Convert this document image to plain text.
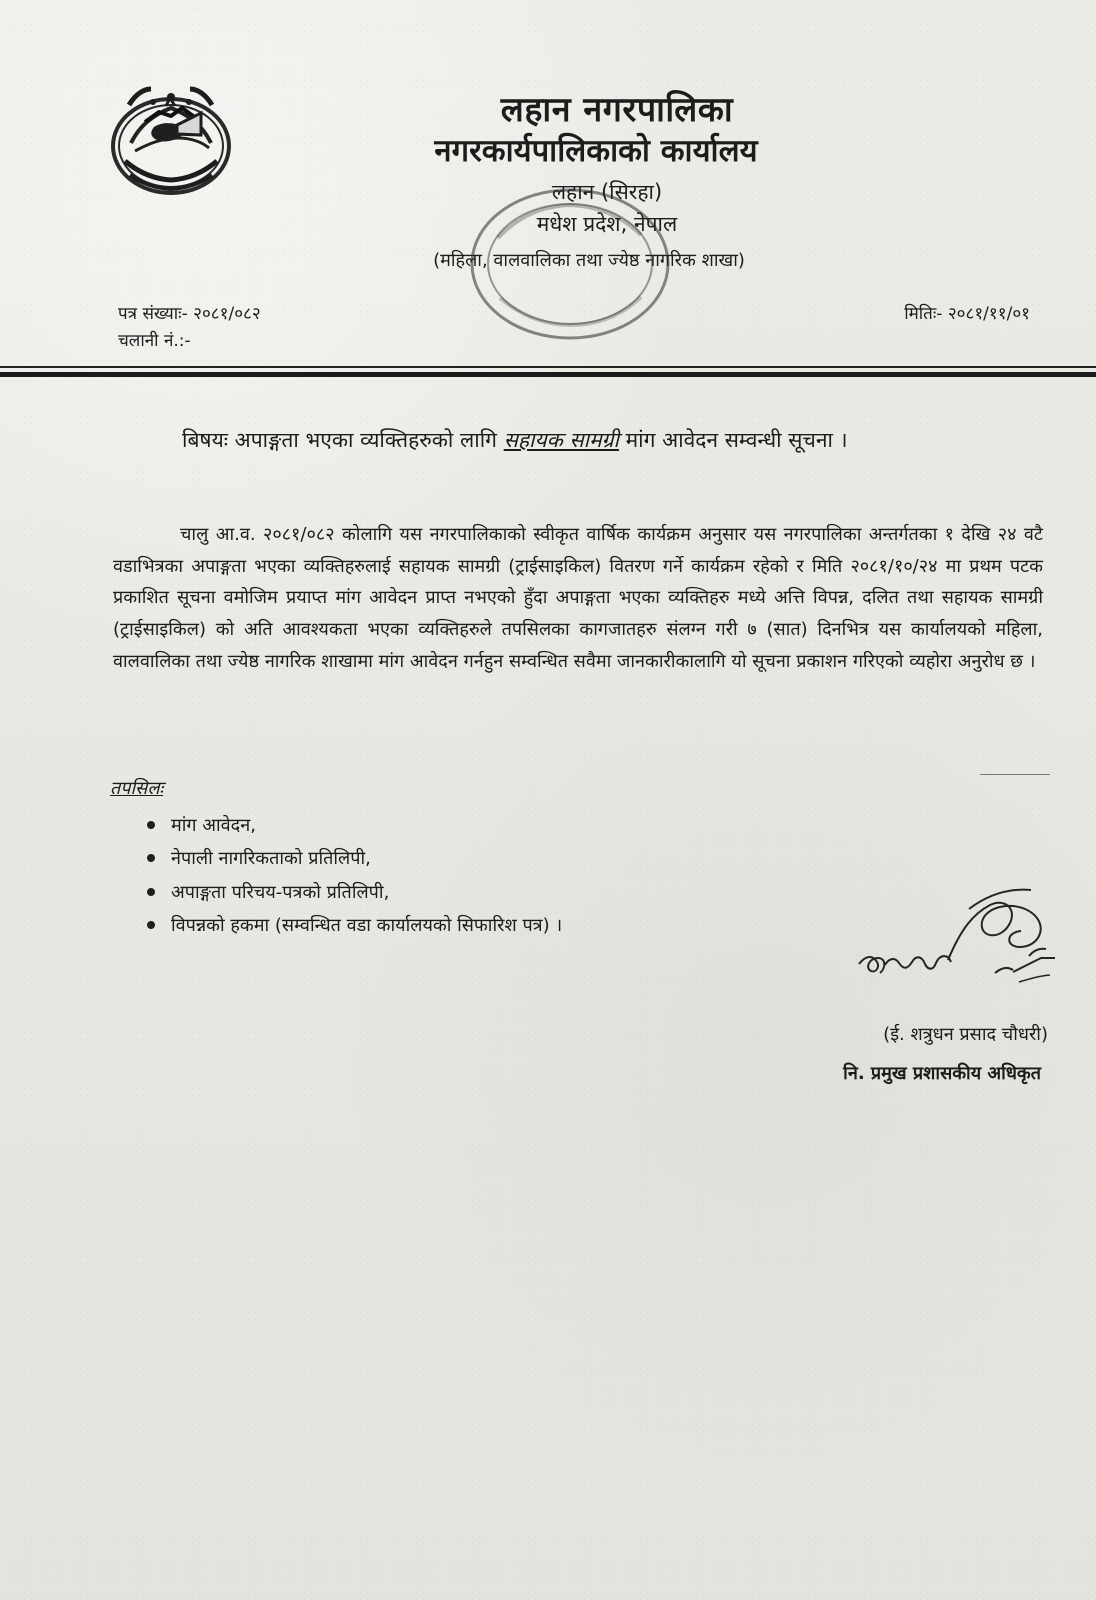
लहान नगरपालिका
नगरकार्यपालिकाको कार्यालय
लहान (सिरहा)
मधेश प्रदेश, नेपाल
(महिला, वालवालिका तथा ज्येष्ठ नागरिक शाखा)
पत्र संख्याः- २०८१/०८२
चलानी नं.:-
मितिः- २०८१/११/०१
बिषयः अपाङ्गता भएका व्यक्तिहरुको लागि सहायक सामग्री मांग आवेदन सम्वन्धी सूचना ।

चालु आ.व. २०८१/०८२ कोलागि यस नगरपालिकाको स्वीकृत वार्षिक कार्यक्रम अनुसार यस नगरपालिका अन्तर्गतका १ देखि २४ वटै वडाभित्रका अपाङ्गता भएका व्यक्तिहरुलाई सहायक सामग्री (ट्राईसाइकिल) वितरण गर्ने कार्यक्रम रहेको र मिति २०८१/१०/२४ मा प्रथम पटक प्रकाशित सूचना वमोजिम प्रयाप्त मांग आवेदन प्राप्त नभएको हुँदा अपाङ्गता भएका व्यक्तिहरु मध्ये अत्ति विपन्न, दलित तथा सहायक सामग्री (ट्राईसाइकिल) को अति आवश्यकता भएका व्यक्तिहरुले तपसिलका कागजातहरु संलग्न गरी ७ (सात) दिनभित्र यस कार्यालयको महिला, वालवालिका तथा ज्येष्ठ नागरिक शाखामा मांग आवेदन गर्नहुन सम्वन्धित सवैमा जानकारीकालागि यो सूचना प्रकाशन गरिएको व्यहोरा अनुरोध छ ।

तपसिलः
मांग आवेदन,
नेपाली नागरिकताको प्रतिलिपी,
अपाङ्गता परिचय-पत्रको प्रतिलिपी,
विपन्नको हकमा (सम्वन्धित वडा कार्यालयको सिफारिश पत्र) ।
(ई. शत्रुधन प्रसाद चौधरी)
नि. प्रमुख प्रशासकीय अधिकृत
